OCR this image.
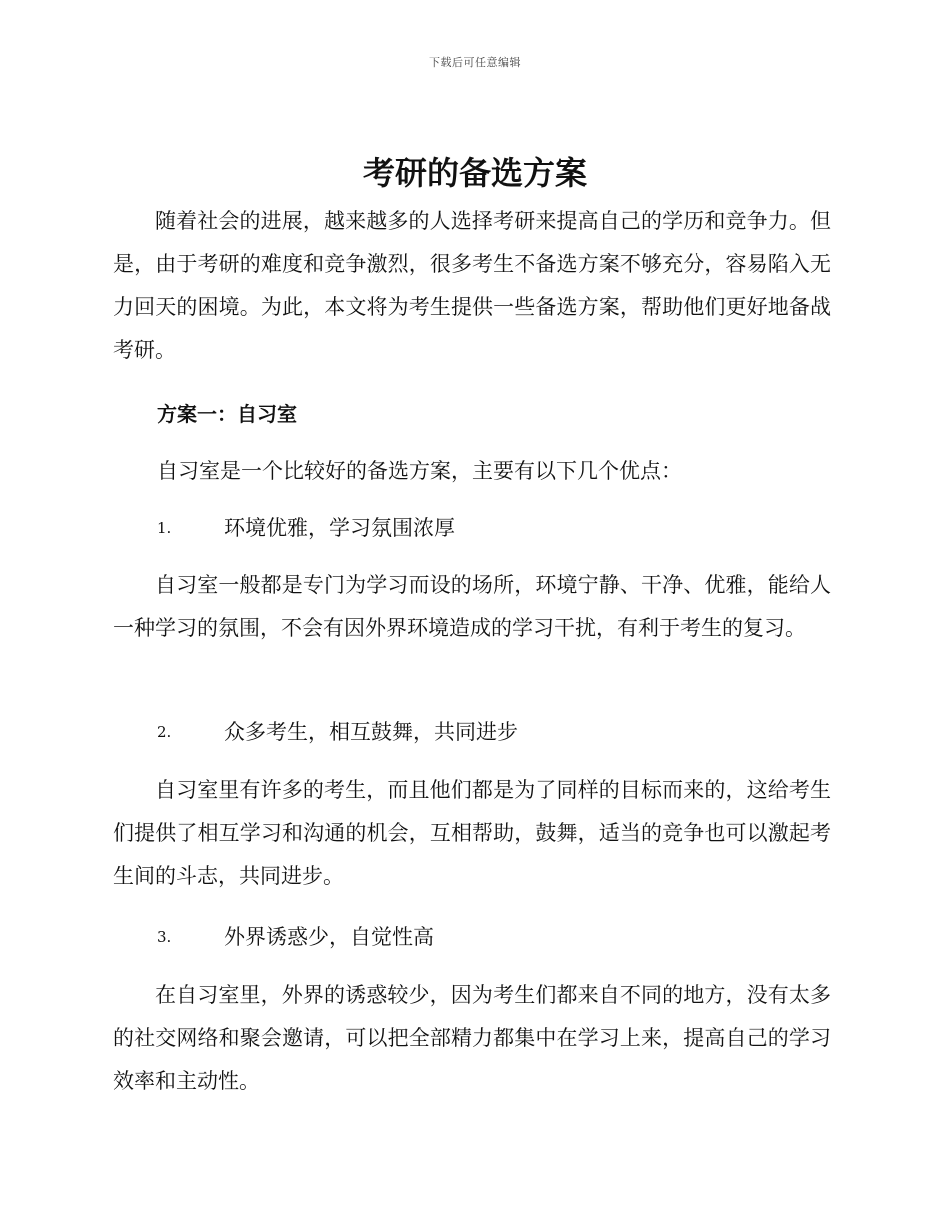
下载后可任意编辑
考研的备选方案

随着社会的进展，越来越多的人选择考研来提高自己的学历和竞争力。但是，由于考研的难度和竞争激烈，很多考生不备选方案不够充分，容易陷入无力回天的困境。为此，本文将为考生提供一些备选方案，帮助他们更好地备战考研。

方案一：自习室

自习室是一个比较好的备选方案，主要有以下几个优点：

1.	环境优雅，学习氛围浓厚

自习室一般都是专门为学习而设的场所，环境宁静、干净、优雅，能给人一种学习的氛围，不会有因外界环境造成的学习干扰，有利于考生的复习。

2.	众多考生，相互鼓舞，共同进步

自习室里有许多的考生，而且他们都是为了同样的目标而来的，这给考生们提供了相互学习和沟通的机会，互相帮助，鼓舞，适当的竞争也可以激起考生间的斗志，共同进步。

3.	外界诱惑少，自觉性高

在自习室里，外界的诱惑较少，因为考生们都来自不同的地方，没有太多的社交网络和聚会邀请，可以把全部精力都集中在学习上来，提高自己的学习效率和主动性。
